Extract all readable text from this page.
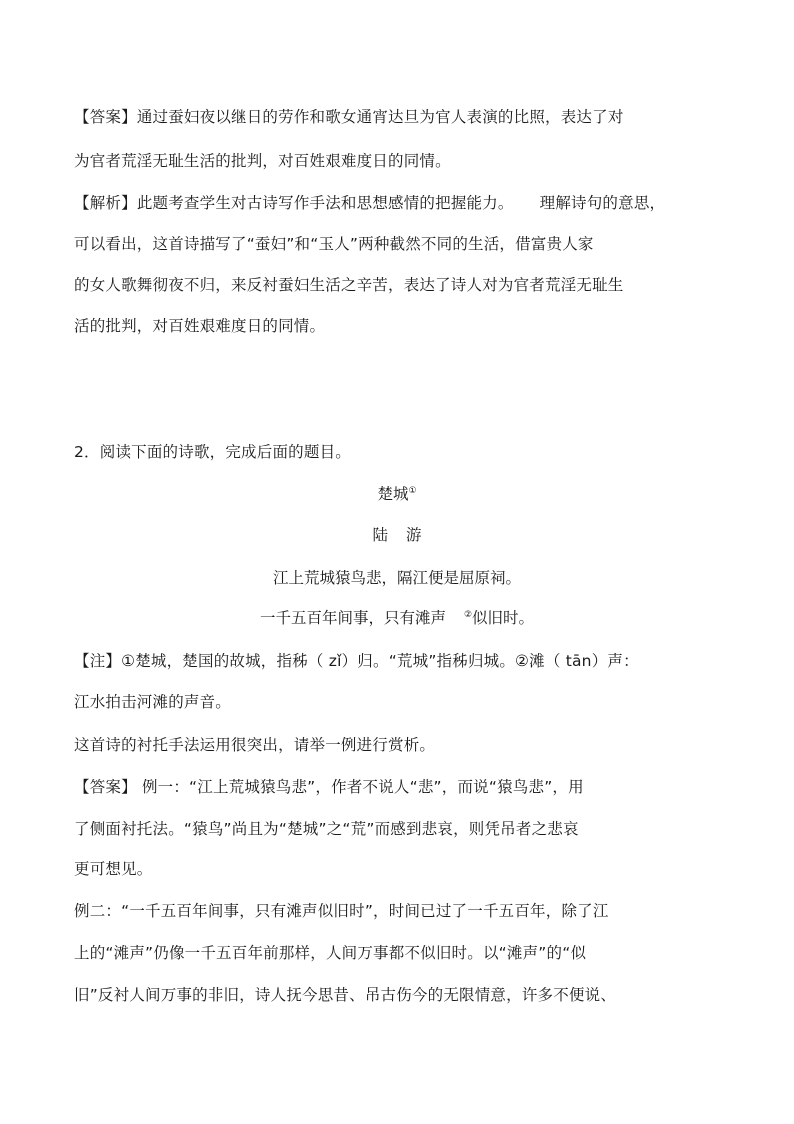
【答案】通过蚕妇夜以继日的劳作和歌女通宵达旦为官人表演的比照，表达了对
为官者荒淫无耻生活的批判，对百姓艰难度日的同情。
【解析】此题考查学生对古诗写作手法和思想感情的把握能力。 理解诗句的意思，
可以看出，这首诗描写了“蚕妇”和“玉人”两种截然不同的生活，借富贵人家
的女人歌舞彻夜不归，来反衬蚕妇生活之辛苦，表达了诗人对为官者荒淫无耻生
活的批判，对百姓艰难度日的同情。
2．阅读下面的诗歌，完成后面的题目。
楚城①
陆 游
江上荒城猿鸟悲，隔江便是屈原祠。
一千五百年间事，只有滩声 ②似旧时。
【注】①楚城，楚国的故城，指秭（ zǐ）归。“荒城”指秭归城。②滩（ tān）声：
江水拍击河滩的声音。
这首诗的衬托手法运用很突出，请举一例进行赏析。
【答案】 例一：“江上荒城猿鸟悲”，作者不说人“悲”，而说“猿鸟悲”，用
了侧面衬托法。“猿鸟”尚且为“楚城”之“荒”而感到悲哀，则凭吊者之悲哀
更可想见。
例二：“一千五百年间事，只有滩声似旧时”，时间已过了一千五百年，除了江
上的“滩声”仍像一千五百年前那样，人间万事都不似旧时。以“滩声”的“似
旧”反衬人间万事的非旧，诗人抚今思昔、吊古伤今的无限情意，许多不便说、
